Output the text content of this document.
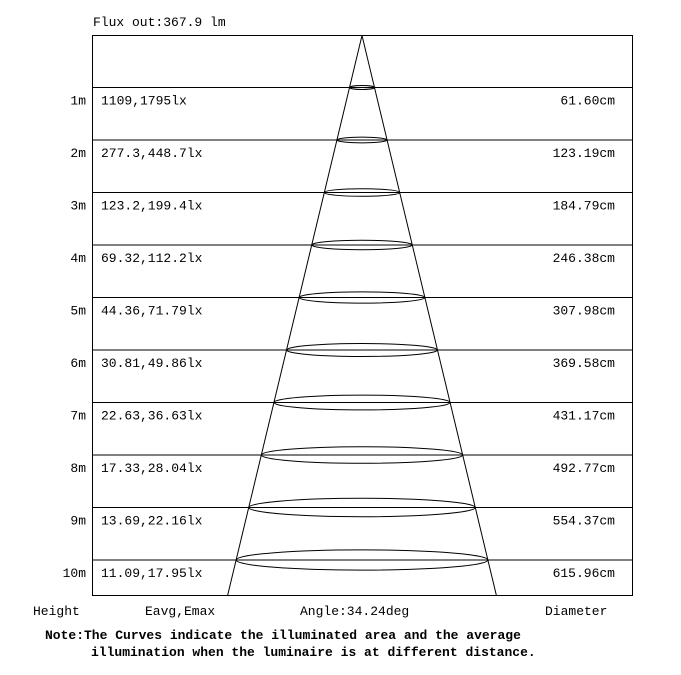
Flux out:367.9 lm
1m 1109,1795lx	61.60cm
2m 277.3,448.7lx	123.19cm
3m 123.2,199.4lx	184.79cm
4m 69.32,112.2lx	246.38cm
5m 44.36,71.79lx	307.98cm
6m 30.81,49.86lx	369.58cm
7m 22.63,36.63lx	431.17cm
8m 17.33,28.04lx	492.77cm
9m 13.69,22.16lx	554.37cm
10m 11.09,17.95lx	615.96cm
Height	Eavg,Emax	Angle:34.24deg	Diameter
Note:The Curves indicate the illuminated area and the average
illumination when the luminaire is at different distance.
